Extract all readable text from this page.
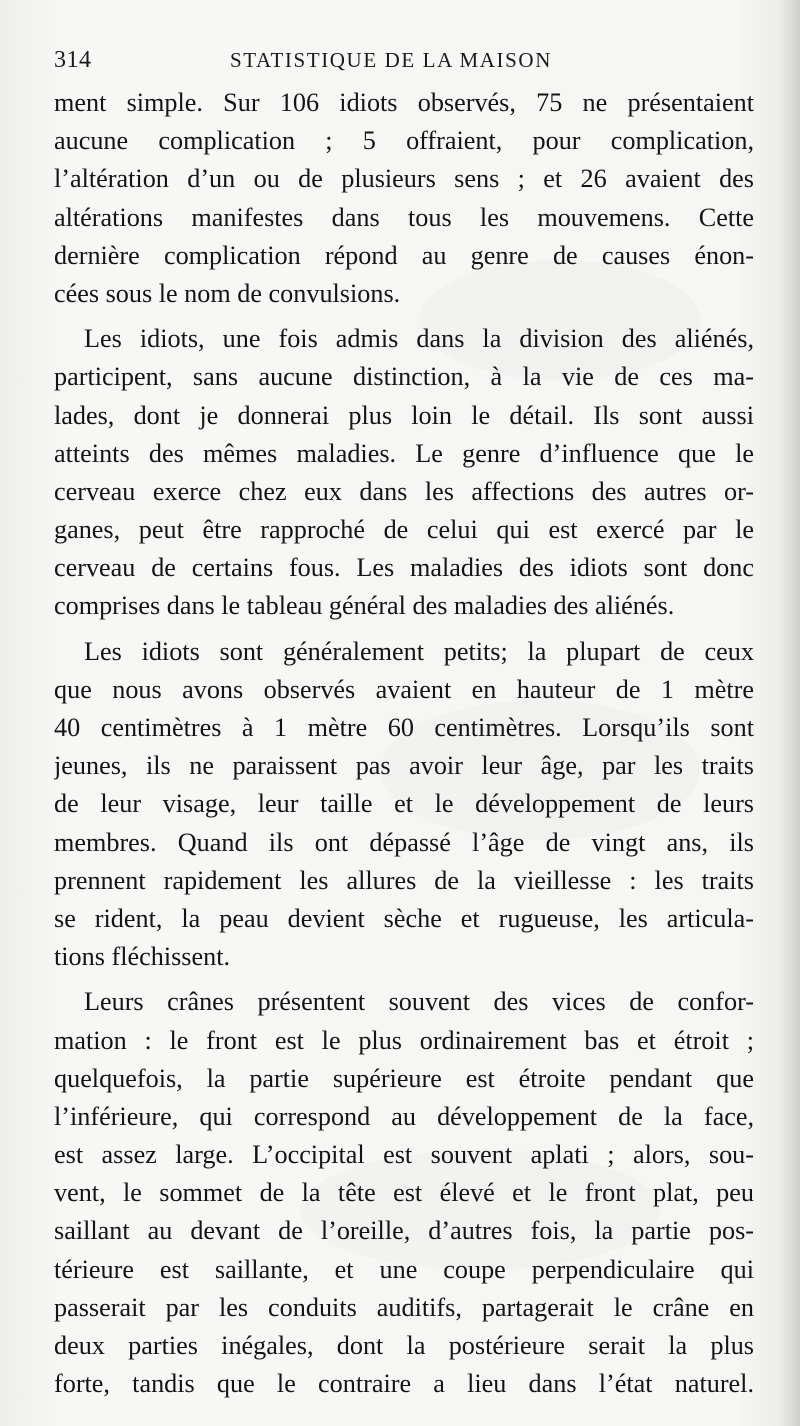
314	STATISTIQUE DE LA MAISON
ment simple. Sur 106 idiots observés, 75 ne présentaient
aucune complication ; 5 offraient, pour complication,
l’altération d’un ou de plusieurs sens ; et 26 avaient des
altérations manifestes dans tous les mouvemens. Cette
dernière complication répond au genre de causes énon-
cées sous le nom de convulsions.
Les idiots, une fois admis dans la division des aliénés,
participent, sans aucune distinction, à la vie de ces ma-
lades, dont je donnerai plus loin le détail. Ils sont aussi
atteints des mêmes maladies. Le genre d’influence que le
cerveau exerce chez eux dans les affections des autres or-
ganes, peut être rapproché de celui qui est exercé par le
cerveau de certains fous. Les maladies des idiots sont donc
comprises dans le tableau général des maladies des aliénés.
Les idiots sont généralement petits; la plupart de ceux
que nous avons observés avaient en hauteur de 1 mètre
40 centimètres à 1 mètre 60 centimètres. Lorsqu’ils sont
jeunes, ils ne paraissent pas avoir leur âge, par les traits
de leur visage, leur taille et le développement de leurs
membres. Quand ils ont dépassé l’âge de vingt ans, ils
prennent rapidement les allures de la vieillesse : les traits
se rident, la peau devient sèche et rugueuse, les articula-
tions fléchissent.
Leurs crânes présentent souvent des vices de confor-
mation : le front est le plus ordinairement bas et étroit ;
quelquefois, la partie supérieure est étroite pendant que
l’inférieure, qui correspond au développement de la face,
est assez large. L’occipital est souvent aplati ; alors, sou-
vent, le sommet de la tête est élevé et le front plat, peu
saillant au devant de l’oreille, d’autres fois, la partie pos-
térieure est saillante, et une coupe perpendiculaire qui
passerait par les conduits auditifs, partagerait le crâne en
deux parties inégales, dont la postérieure serait la plus
forte, tandis que le contraire a lieu dans l’état naturel.
